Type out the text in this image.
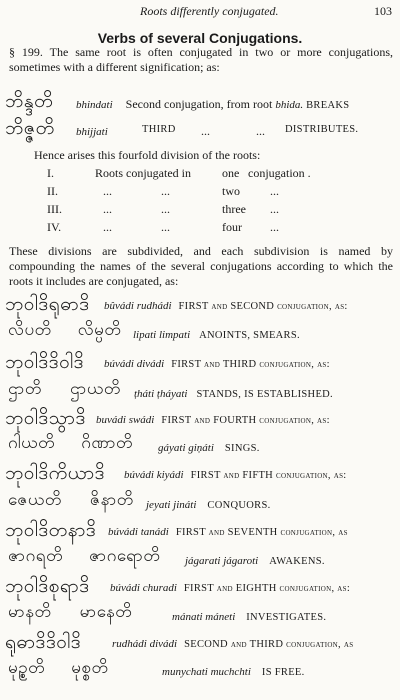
Roots differently conjugated.	103
Verbs of several Conjugations.
§ 199. The same root is often conjugated in two or more conjugations, sometimes with a different signification; as:
ဘိန္ဒတိ bhindati Second conjugation, from root bhida. BREAKS
ဘိဇ္ဇတိ bhijjati	THIRD ...	... DISTRIBUTES.
Hence arises this fourfold division of the roots:
I.	Roots conjugated in	one conjugation .
II.	...	...	two	...
III.	...	...	three ...
IV.	...	...	four ...
These divisions are subdivided, and each subdivision is named by compounding the names of the several conjugations according to which the roots it includes are conjugated, as:
ဘုဝါဒိရုဓာဒိ bûvádi rudhádi FIRST and SECOND conjugation, as:
လိပတိ လိမ္ပတိ lipati limpati ANOINTS, SMEARS.
ဘုဝါဒိဒိဝါဒိ búvádi divádi FIRST and THIRD conjugation, as:
ဌာတိ ဌာယတိ țháti țháyati STANDS, IS ESTABLISHED.
ဘုဝါဒိသွာဒိ buvádi swádi FIRST and FOURTH conjugation, as:
ဂါယတိ ဂိဏာတိ gáyati giņáti SINGS.
ဘုဝါဒိကိယာဒိ búvádi kiyádi FIRST and FIFTH conjugation, as:
ဇေယတိ ဇိနာတိ jeyati jináti CONQUORS.
ဘုဝါဒိတနာဒိ búvádi tanádi FIRST and SEVENTH conjugation, as
ဇာဂရတိ ဇာဂရောတိ jágarati jágaroti AWAKENS.
ဘုဝါဒိစုရာဒိ búvádi churadi FIRST and EIGHTH conjugation, as:
မာနတိ မာနေတိ	mánati máneti INVESTIGATES.
ရုဓာဒိဒိဝါဒိ	rudhádi divádi SECOND and THIRD conjugation, as
မုဥ္စတိ မုစ္စတိ	munychati muchchti IS FREE.
